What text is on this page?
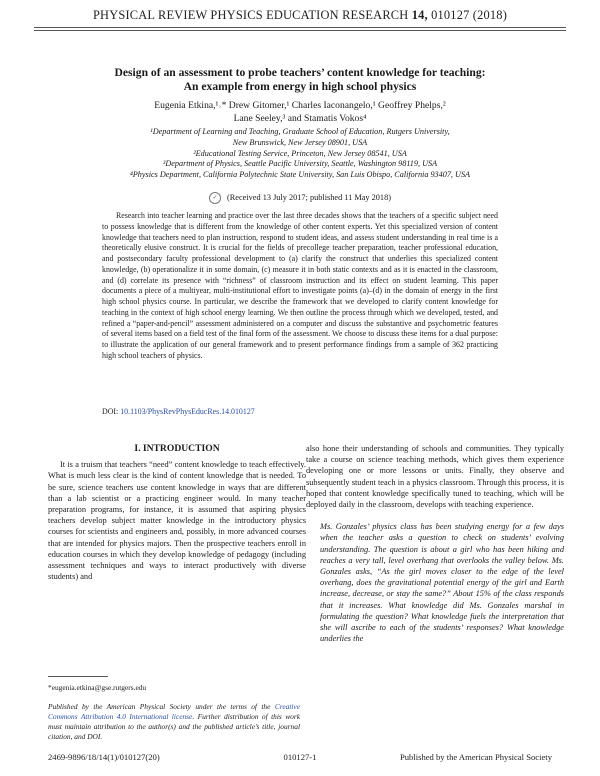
PHYSICAL REVIEW PHYSICS EDUCATION RESEARCH 14, 010127 (2018)
Design of an assessment to probe teachers’ content knowledge for teaching:
An example from energy in high school physics
Eugenia Etkina,¹˒* Drew Gitomer,¹ Charles Iaconangelo,¹ Geoffrey Phelps,²
Lane Seeley,³ and Stamatis Vokos⁴
¹Department of Learning and Teaching, Graduate School of Education, Rutgers University,
New Brunswick, New Jersey 08901, USA
²Educational Testing Service, Princeton, New Jersey 08541, USA
³Department of Physics, Seattle Pacific University, Seattle, Washington 98119, USA
⁴Physics Department, California Polytechnic State University, San Luis Obispo, California 93407, USA
✓ (Received 13 July 2017; published 11 May 2018)
Research into teacher learning and practice over the last three decades shows that the teachers of a specific subject need to possess knowledge that is different from the knowledge of other content experts. Yet this specialized version of content knowledge that teachers need to plan instruction, respond to student ideas, and assess student understanding in real time is a theoretically elusive construct. It is crucial for the fields of precollege teacher preparation, teacher professional education, and postsecondary faculty professional development to (a) clarify the construct that underlies this specialized content knowledge, (b) operationalize it in some domain, (c) measure it in both static contexts and as it is enacted in the classroom, and (d) correlate its presence with “richness” of classroom instruction and its effect on student learning. This paper documents a piece of a multiyear, multi-institutional effort to investigate points (a)–(d) in the domain of energy in the first high school physics course. In particular, we describe the framework that we developed to clarify content knowledge for teaching in the context of high school energy learning. We then outline the process through which we developed, tested, and refined a “paper-and-pencil” assessment administered on a computer and discuss the substantive and psychometric features of several items based on a field test of the final form of the assessment. We choose to discuss these items for a dual purpose: to illustrate the application of our general framework and to present performance findings from a sample of 362 practicing high school teachers of physics.
DOI: 10.1103/PhysRevPhysEducRes.14.010127
I. INTRODUCTION

It is a truism that teachers “need” content knowledge to teach effectively. What is much less clear is the kind of content knowledge that is needed. To be sure, science teachers use content knowledge in ways that are different than a lab scientist or a practicing engineer would. In many teacher preparation programs, for instance, it is assumed that aspiring physics teachers develop subject matter knowledge in the introductory physics courses for scientists and engineers and, possibly, in more advanced courses that are intended for physics majors. Then the prospective teachers enroll in education courses in which they develop knowledge of pedagogy (including assessment techniques and ways to interact productively with diverse students) and

also hone their understanding of schools and communities. They typically take a course on science teaching methods, which gives them experience developing one or more lessons or units. Finally, they observe and subsequently student teach in a physics classroom. Through this process, it is hoped that content knowledge specifically tuned to teaching, which will be deployed daily in the classroom, develops with teaching experience.

Ms. Gonzales’ physics class has been studying energy for a few days when the teacher asks a question to check on students’ evolving understanding. The question is about a girl who has been hiking and reaches a very tall, level overhang that overlooks the valley below. Ms. Gonzales asks, “As the girl moves closer to the edge of the level overhang, does the gravitational potential energy of the girl and Earth increase, decrease, or stay the same?” About 15% of the class responds that it increases. What knowledge did Ms. Gonzales marshal in formulating the question? What knowledge fuels the interpretation that she will ascribe to each of the students’ responses? What knowledge underlies the

*eugenia.etkina@gse.rutgers.edu
Published by the American Physical Society under the terms of the Creative Commons Attribution 4.0 International license. Further distribution of this work must maintain attribution to the author(s) and the published article’s title, journal citation, and DOI.
2469-9896/18/14(1)/010127(20)	010127-1	Published by the American Physical Society
